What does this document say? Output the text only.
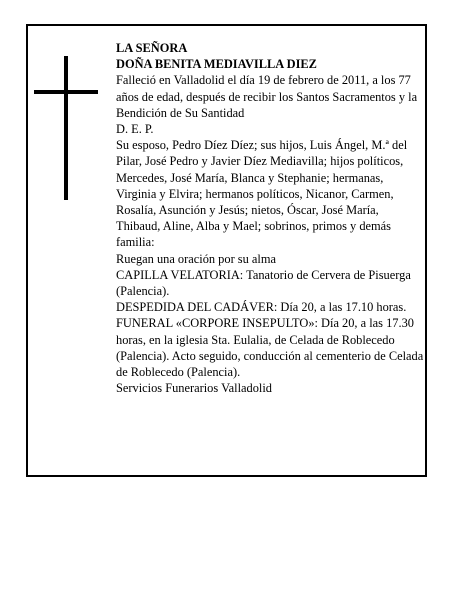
LA SEÑORA

DOÑA BENITA MEDIAVILLA DIEZ

Falleció en Valladolid el día 19 de febrero de 2011, a los 77 años de edad, después de recibir los Santos Sacramentos y la Bendición de Su Santidad

D. E. P.

Su esposo, Pedro Díez Díez; sus hijos, Luis Ángel, M.ª del Pilar, José Pedro y Javier Díez Mediavilla; hijos políticos, Mercedes, José María, Blanca y Stephanie; hermanas, Virginia y Elvira; hermanos políticos, Nicanor, Carmen, Rosalía, Asunción y Jesús; nietos, Óscar, José María, Thibaud, Aline, Alba y Mael; sobrinos, primos y demás familia:

Ruegan una oración por su alma

CAPILLA VELATORIA: Tanatorio de Cervera de Pisuerga (Palencia).

DESPEDIDA DEL CADÁVER: Día 20, a las 17.10 horas.

FUNERAL «CORPORE INSEPULTO»: Día 20, a las 17.30 horas, en la iglesia Sta. Eulalia, de Celada de Roblecedo (Palencia). Acto seguido, conducción al cementerio de Celada de Roblecedo (Palencia).

Servicios Funerarios Valladolid
